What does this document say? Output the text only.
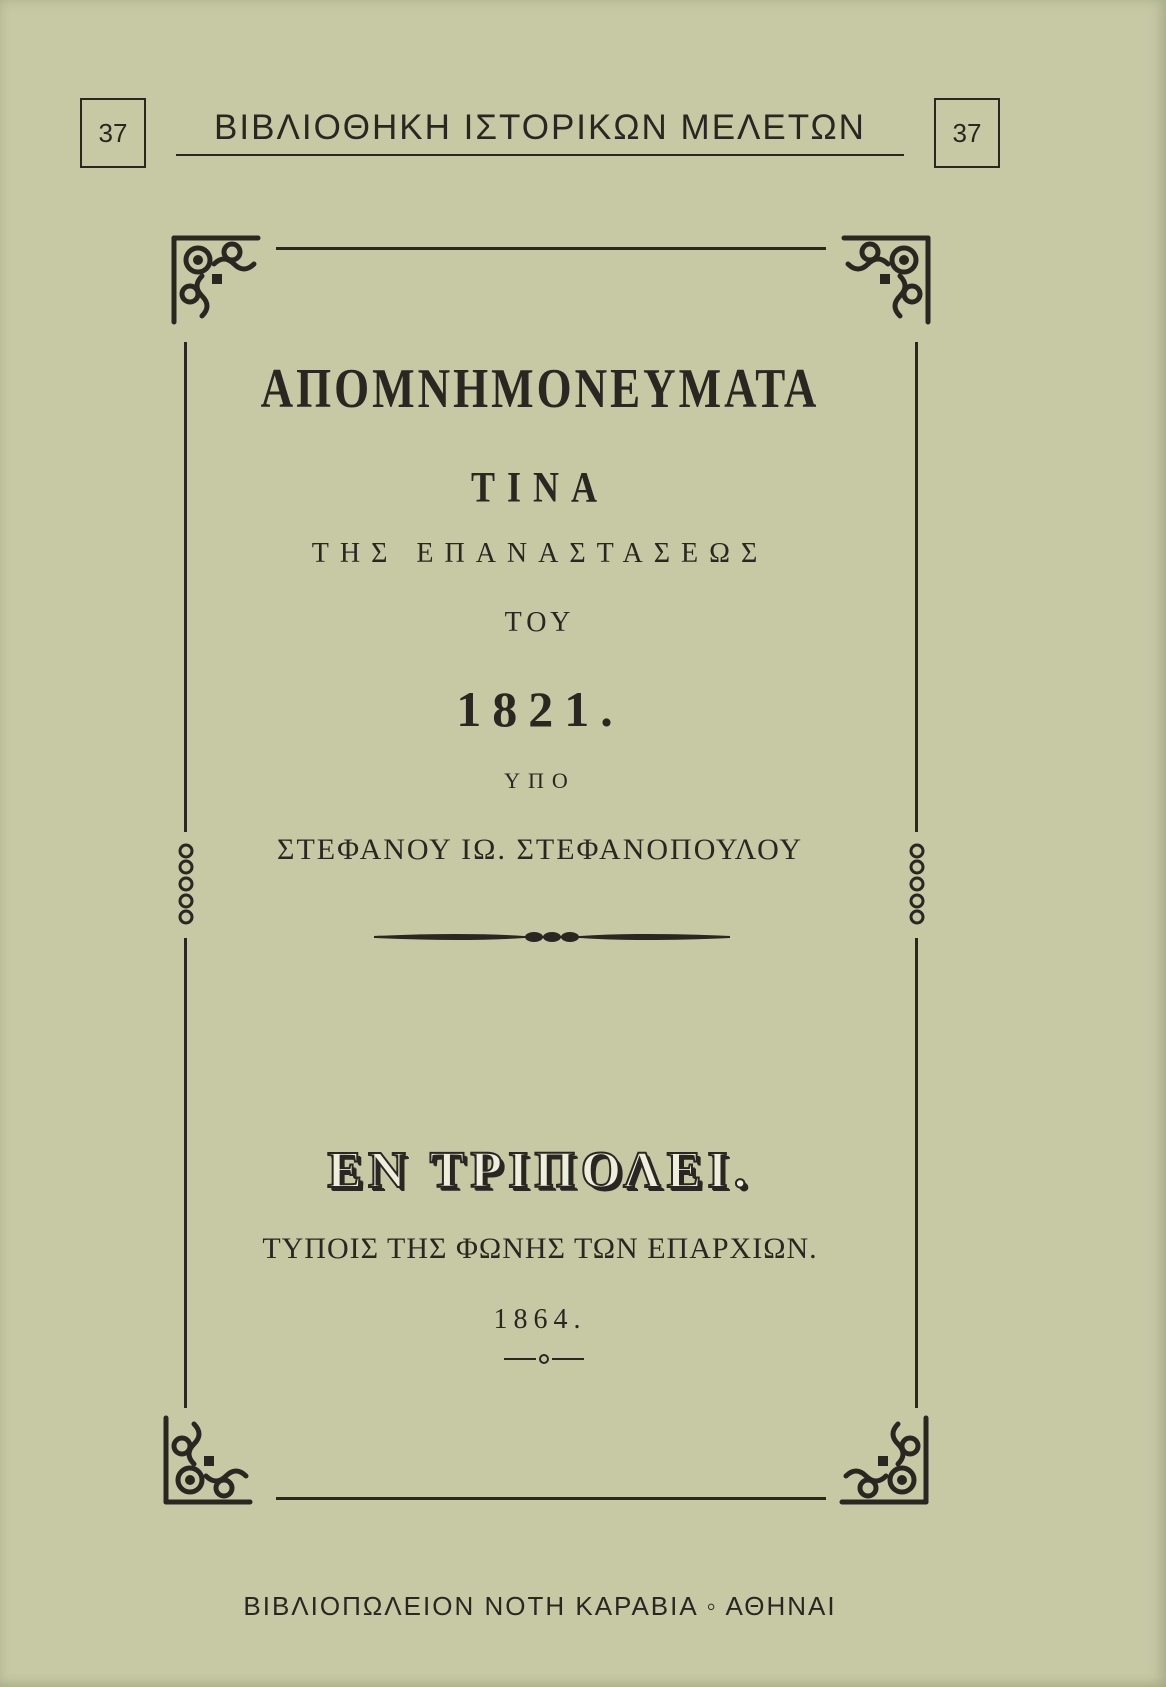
37	ΒΙΒΛΙΟΘΗΚΗ ΙΣΤΟΡΙΚΩΝ ΜΕΛΕΤΩΝ	37
ΑΠΟΜΝΗΜΟΝΕΥΜΑΤΑ
ΤΙΝΑ
ΤΗΣ ΕΠΑΝΑΣΤΑΣΕΩΣ
ΤΟΥ
1821.
ΥΠΟ
ΣΤΕΦΑΝΟΥ ΙΩ. ΣΤΕΦΑΝΟΠΟΥΛΟΥ
ΕΝ ΤΡΙΠΟΛΕΙ.
ΤΥΠΟΙΣ ΤΗΣ ΦΩΝΗΣ ΤΩΝ ΕΠΑΡΧΙΩΝ.
1864.
ΒΙΒΛΙΟΠΩΛΕΙΟΝ ΝΟΤΗ ΚΑΡΑΒΙΑ ◦ ΑΘΗΝΑΙ
